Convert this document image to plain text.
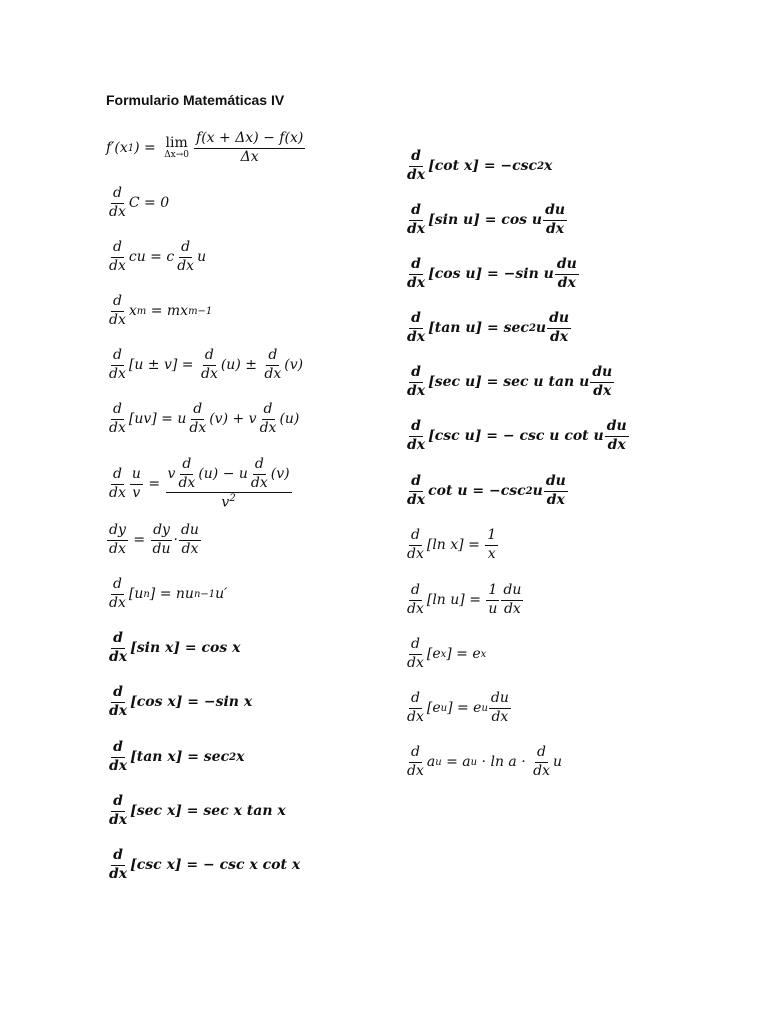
Formulario Matemáticas IV
f′(x 1 ) = lim
$\Delta x\to 0 \frac{f(x + \Delta x) - f(x)}{\Delta x}$
$\frac{d}{dx}$ C = 0
$\frac{d}{dx}$ cu = c $\frac{d}{dx}$ u
$\frac{d}{dx}$ x m = mx m−1
$\frac{d}{dx} [u \pm v] = \frac{d}{dx} (u) \pm \frac{d}{dx} (v)$
$\frac{d}{dx} [uv] = u \frac{d}{dx} (v) + v \frac{d}{dx} (u)$
$\frac{d}{dx} \frac{u}{v} = \frac{v \frac{d}{dx} (u) - u \frac{d}{dx} (v)}{v^2}$
$\frac{dy}{dx} = \frac{dy}{du} \cdot \frac{du}{dx}$
$\frac{d}{dx} [u$ n ] = nu n−1 u′
$\frac{d}{dx} [\sin$ x] = cos x
$\frac{d}{dx} [\cos$ x] = −sin x
$\frac{d}{dx} [\tan$ x] = sec 2 x
$\frac{d}{dx} [\sec$ x] = sec x tan x
$\frac{d}{dx} [\csc$ x] = − csc x cot x
$\frac{d}{dx} [\cot$ x] = −csc 2 x
$\frac{d}{dx} [\sin$ u] = cos u $\frac{du}{dx}$
$\frac{d}{dx} [\cos$ u] = −sin u $\frac{du}{dx}$
$\frac{d}{dx} [\tan$ u] = sec 2 u $\frac{du}{dx}$
$\frac{d}{dx} [\sec$ u] = sec u tan u $\frac{du}{dx}$
$\frac{d}{dx} [\csc$ u] = − csc u cot u $\frac{du}{dx}$
$\frac{d}{dx}$ cot u = −csc 2 u $\frac{du}{dx}$
$\frac{d}{dx} [\ln$ $x] = \frac{1}{x}$
$\frac{d}{dx} [\ln$ $u] = \frac{1}{u} \frac{du}{dx}$
$\frac{d}{dx} [e$ x ] = e x
$\frac{d}{dx} [e$ u ] = e u $\frac{du}{dx}$
$\frac{d}{dx}$ a u = a $u \cdot \ln a \cdot \frac{d}{dx}$ u
